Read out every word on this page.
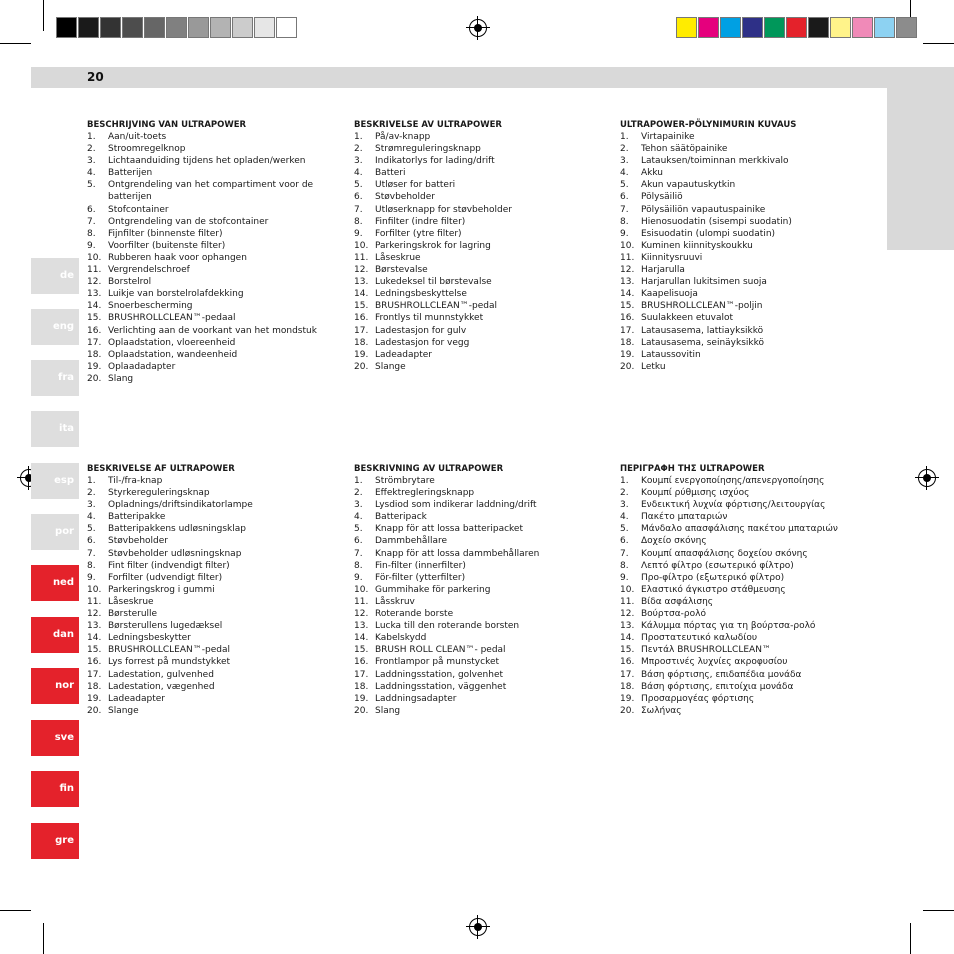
20
de
eng
fra
ita
esp
por
ned
dan
nor
sve
fin
gre
BESCHRIJVING VAN ULTRAPOWER
1. Aan/uit-toets
2. Stroomregelknop
3. Lichtaanduiding tijdens het opladen/werken
4. Batterijen
5. Ontgrendeling van het compartiment voor de batterijen
6. Stofcontainer
7. Ontgrendeling van de stofcontainer
8. Fijnfilter (binnenste filter)
9. Voorfilter (buitenste filter)
10. Rubberen haak voor ophangen
11. Vergrendelschroef
12. Borstelrol
13. Luikje van borstelrolafdekking
14. Snoerbescherming
15. BRUSHROLLCLEAN™-pedaal
16. Verlichting aan de voorkant van het mondstuk
17. Oplaadstation, vloereenheid
18. Oplaadstation, wandeenheid
19. Oplaadadapter
20. Slang
BESKRIVELSE AV ULTRAPOWER
1. På/av-knapp
2. Strømreguleringsknapp
3. Indikatorlys for lading/drift
4. Batteri
5. Utløser for batteri
6. Støvbeholder
7. Utløserknapp for støvbeholder
8. Finfilter (indre filter)
9. Forfilter (ytre filter)
10. Parkeringskrok for lagring
11. Låseskrue
12. Børstevalse
13. Lukedeksel til børstevalse
14. Ledningsbeskyttelse
15. BRUSHROLLCLEAN™-pedal
16. Frontlys til munnstykket
17. Ladestasjon for gulv
18. Ladestasjon for vegg
19. Ladeadapter
20. Slange
ULTRAPOWER-PÖLYNIMURIN KUVAUS
1. Virtapainike
2. Tehon säätöpainike
3. Latauksen/toiminnan merkkivalo
4. Akku
5. Akun vapautuskytkin
6. Pölysäiliö
7. Pölysäiliön vapautuspainike
8. Hienosuodatin (sisempi suodatin)
9. Esisuodatin (ulompi suodatin)
10. Kuminen kiinnityskoukku
11. Kiinnitysruuvi
12. Harjarulla
13. Harjarullan lukitsimen suoja
14. Kaapelisuoja
15. BRUSHROLLCLEAN™-poljin
16. Suulakkeen etuvalot
17. Latausasema, lattiayksikkö
18. Latausasema, seinäyksikkö
19. Lataussovitin
20. Letku
BESKRIVELSE AF ULTRAPOWER
1. Til-/fra-knap
2. Styrkereguleringsknap
3. Opladnings/driftsindikatorlampe
4. Batteripakke
5. Batteripakkens udløsningsklap
6. Støvbeholder
7. Støvbeholder udløsningsknap
8. Fint filter (indvendigt filter)
9. Forfilter (udvendigt filter)
10. Parkeringskrog i gummi
11. Låseskrue
12. Børsterulle
13. Børsterullens lugedæksel
14. Ledningsbeskytter
15. BRUSHROLLCLEAN™-pedal
16. Lys forrest på mundstykket
17. Ladestation, gulvenhed
18. Ladestation, vægenhed
19. Ladeadapter
20. Slange
BESKRIVNING AV ULTRAPOWER
1. Strömbrytare
2. Effektregleringsknapp
3. Lysdiod som indikerar laddning/drift
4. Batteripack
5. Knapp för att lossa batteripacket
6. Dammbehållare
7. Knapp för att lossa dammbehållaren
8. Fin-filter (innerfilter)
9. För-filter (ytterfilter)
10. Gummihake för parkering
11. Låsskruv
12. Roterande borste
13. Lucka till den roterande borsten
14. Kabelskydd
15. BRUSH ROLL CLEAN™- pedal
16. Frontlampor på munstycket
17. Laddningsstation, golvenhet
18. Laddningsstation, väggenhet
19. Laddningsadapter
20. Slang
ΠΕΡΙΓΡΑΦΗ ΤΗΣ ULTRAPOWER
1. Κουμπί ενεργοποίησης/απενεργοποίησης
2. Κουμπί ρύθμισης ισχύος
3. Ενδεικτική λυχνία φόρτισης/λειτουργίας
4. Πακέτο μπαταριών
5. Μάνδαλο απασφάλισης πακέτου μπαταριών
6. Δοχείο σκόνης
7. Κουμπί απασφάλισης δοχείου σκόνης
8. Λεπτό φίλτρο (εσωτερικό φίλτρο)
9. Προ-φίλτρο (εξωτερικό φίλτρο)
10. Ελαστικό άγκιστρο στάθμευσης
11. Βίδα ασφάλισης
12. Βούρτσα-ρολό
13. Κάλυμμα πόρτας για τη βούρτσα-ρολό
14. Προστατευτικό καλωδίου
15. Πεντάλ BRUSHROLLCLEAN™
16. Μπροστινές λυχνίες ακροφυσίου
17. Βάση φόρτισης, επιδαπέδια μονάδα
18. Βάση φόρτισης, επιτοίχια μονάδα
19. Προσαρμογέας φόρτισης
20. Σωλήνας
